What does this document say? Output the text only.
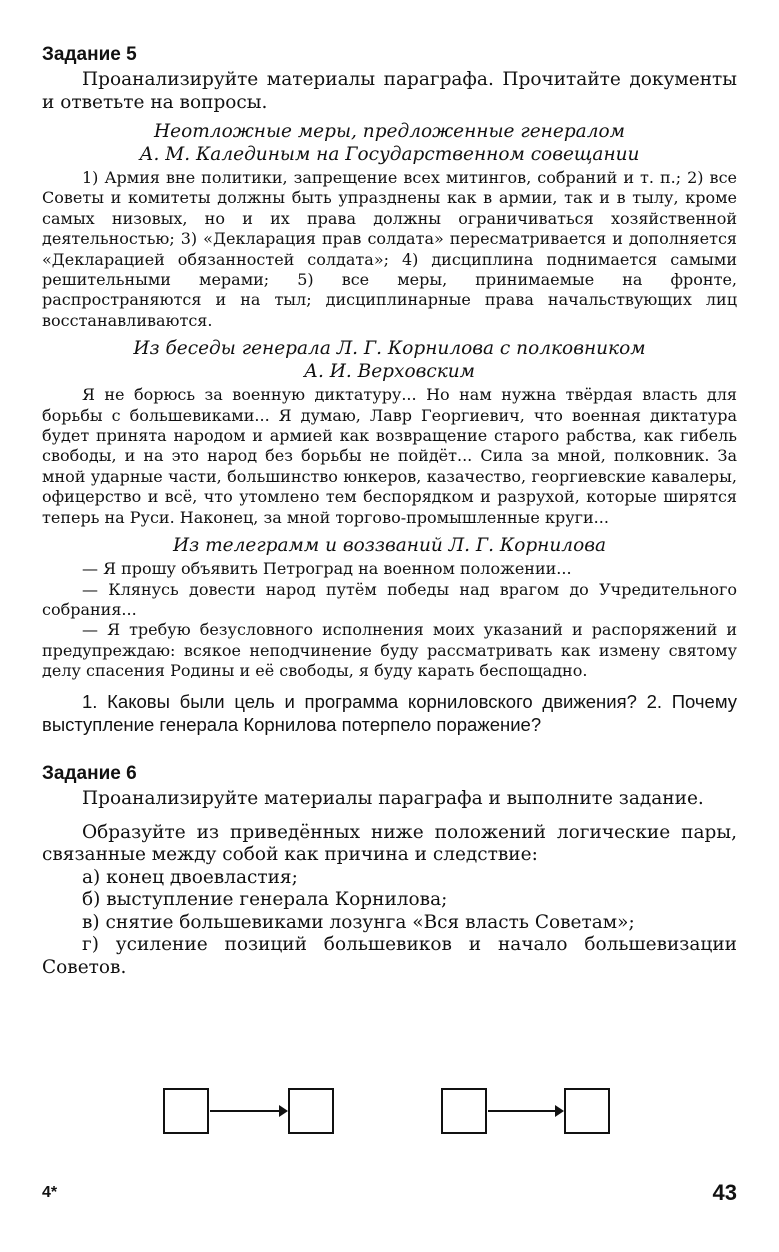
Задание 5

Проанализируйте материалы параграфа. Прочитайте документы и ответьте на вопросы.

Неотложные меры, предложенные генералом
А. М. Калединым на Государственном совещании

1) Армия вне политики, запрещение всех митингов, собраний и т. п.; 2) все Советы и комитеты должны быть упразднены как в армии, так и в тылу, кроме самых низовых, но и их права должны ограничиваться хозяйственной деятельностью; 3) «Декларация прав солдата» пересматривается и дополняется «Декларацией обязанностей солдата»; 4) дисциплина поднимается самыми решительными мерами; 5) все меры, принимаемые на фронте, распространяются и на тыл; дисциплинарные права начальствующих лиц восстанавливаются.

Из беседы генерала Л. Г. Корнилова с полковником
А. И. Верховским

Я не борюсь за военную диктатуру... Но нам нужна твёрдая власть для борьбы с большевиками... Я думаю, Лавр Георгиевич, что военная диктатура будет принята народом и армией как возвращение старого рабства, как гибель свободы, и на это народ без борьбы не пойдёт... Сила за мной, полковник. За мной ударные части, большинство юнкеров, казачество, георгиевские кавалеры, офицерство и всё, что утомлено тем беспорядком и разрухой, которые ширятся теперь на Руси. Наконец, за мной торгово-промышленные круги...

Из телеграмм и воззваний Л. Г. Корнилова

— Я прошу объявить Петроград на военном положении...

— Клянусь довести народ путём победы над врагом до Учредительного собрания...

— Я требую безусловного исполнения моих указаний и распоряжений и предупреждаю: всякое неподчинение буду рассматривать как измену святому делу спасения Родины и её свободы, я буду карать беспощадно.

1. Каковы были цель и программа корниловского движения? 2. Почему выступление генерала Корнилова потерпело поражение?

Задание 6

Проанализируйте материалы параграфа и выполните задание.

Образуйте из приведённых ниже положений логические пары, связанные между собой как причина и следствие:

а) конец двоевластия;
б) выступление генерала Корнилова;
в) снятие большевиками лозунга «Вся власть Советам»;
г) усиление позиций большевиков и начало большевизации Советов.
4*	43
